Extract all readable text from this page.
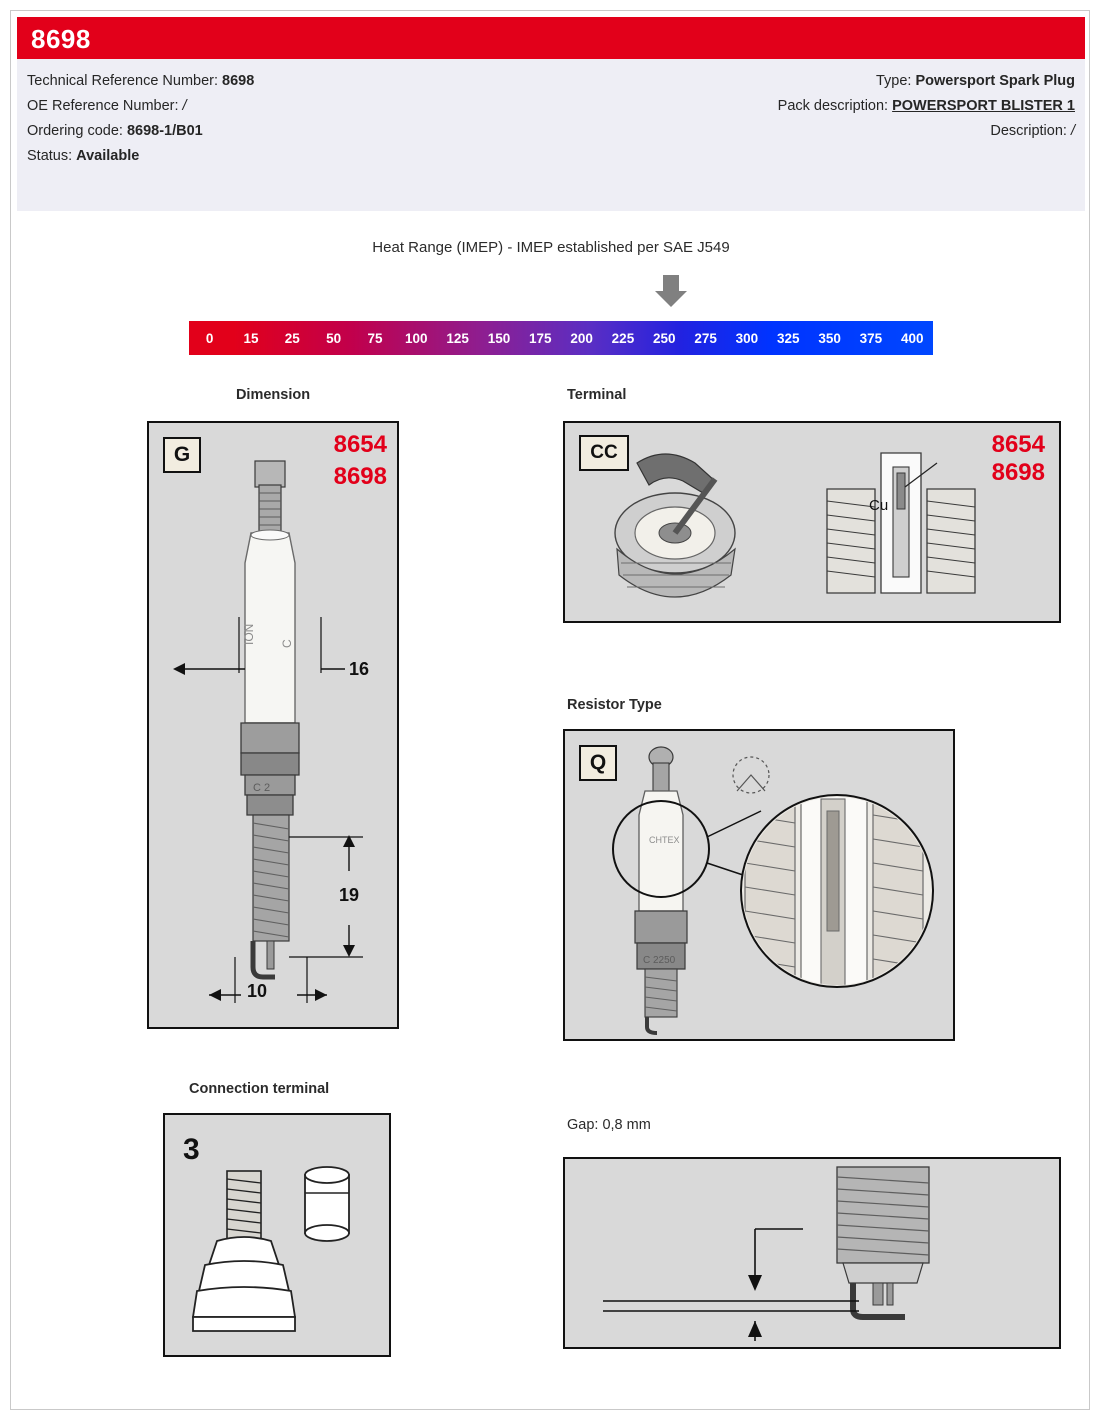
8698
Technical Reference Number: 8698
OE Reference Number: /
Ordering code: 8698-1/B01
Status: Available
Type: Powersport Spark Plug
Pack description: POWERSPORT BLISTER 1
Description: /
Heat Range (IMEP) - IMEP established per SAE J549
0	15	25	50	75	100	125	150	175	200	225	250	275	300	325	350	375	400
Dimension
ION C
C 2
G	8654
8698
16
19
10
Terminal
CC	8654
8698
Cu
Resistor Type
CHTEX
C 2250
Q
Connection terminal
3
Gap: 0,8 mm
